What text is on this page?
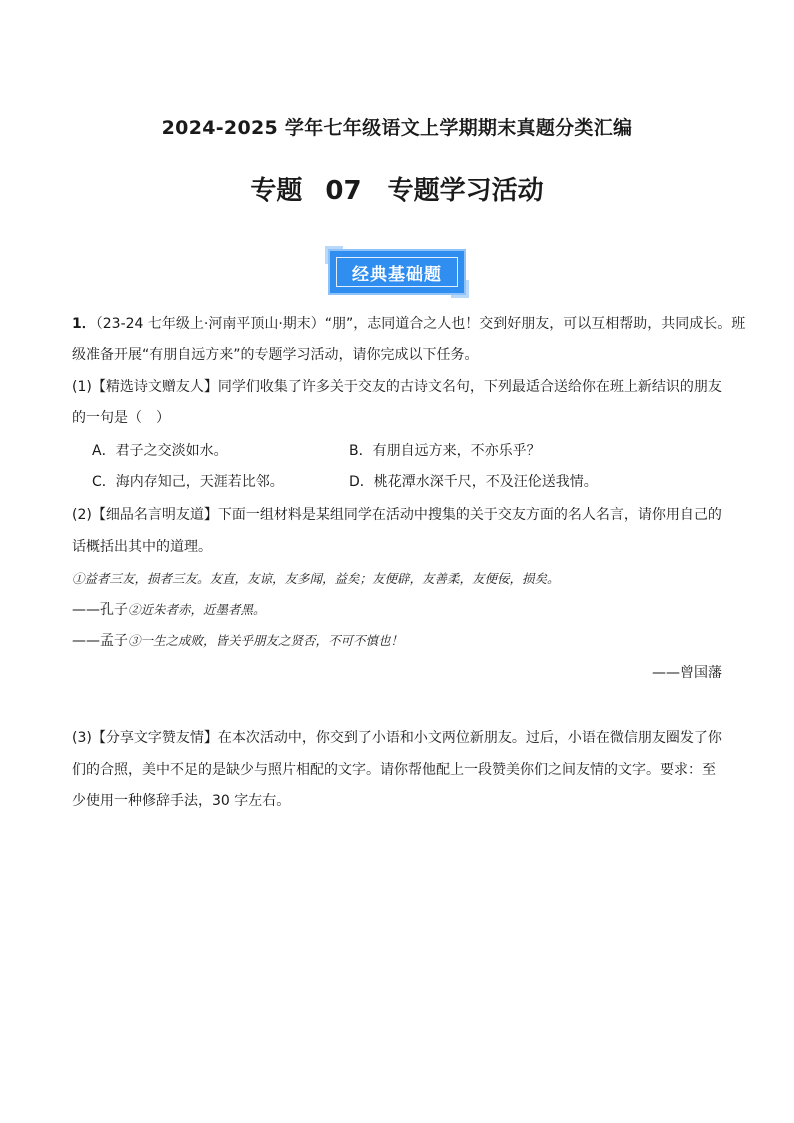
2024-2025 学年七年级语文上学期期末真题分类汇编
专题 07　专题学习活动
经典基础题
1．（23-24 七年级上·河南平顶山·期末）“朋”，志同道合之人也！交到好朋友，可以互相帮助，共同成长。班
级准备开展“有朋自远方来”的专题学习活动，请你完成以下任务。
(1)【精选诗文赠友人】同学们收集了许多关于交友的古诗文名句，下列最适合送给你在班上新结识的朋友
的一句是（　）
A．君子之交淡如水。	B．有朋自远方来，不亦乐乎？
C．海内存知己，天涯若比邻。	D．桃花潭水深千尺，不及汪伦送我情。
(2)【细品名言明友道】下面一组材料是某组同学在活动中搜集的关于交友方面的名人名言，请你用自己的
话概括出其中的道理。
①益者三友，损者三友。友直，友谅，友多闻，益矣；友便辟，友善柔，友便佞，损矣。
——孔子②近朱者赤，近墨者黑。
——孟子③一生之成败，皆关乎朋友之贤否，不可不慎也！
——曾国藩
(3)【分享文字赞友情】在本次活动中，你交到了小语和小文两位新朋友。过后，小语在微信朋友圈发了你
们的合照，美中不足的是缺少与照片相配的文字。请你帮他配上一段赞美你们之间友情的文字。要求：至
少使用一种修辞手法，30 字左右。
